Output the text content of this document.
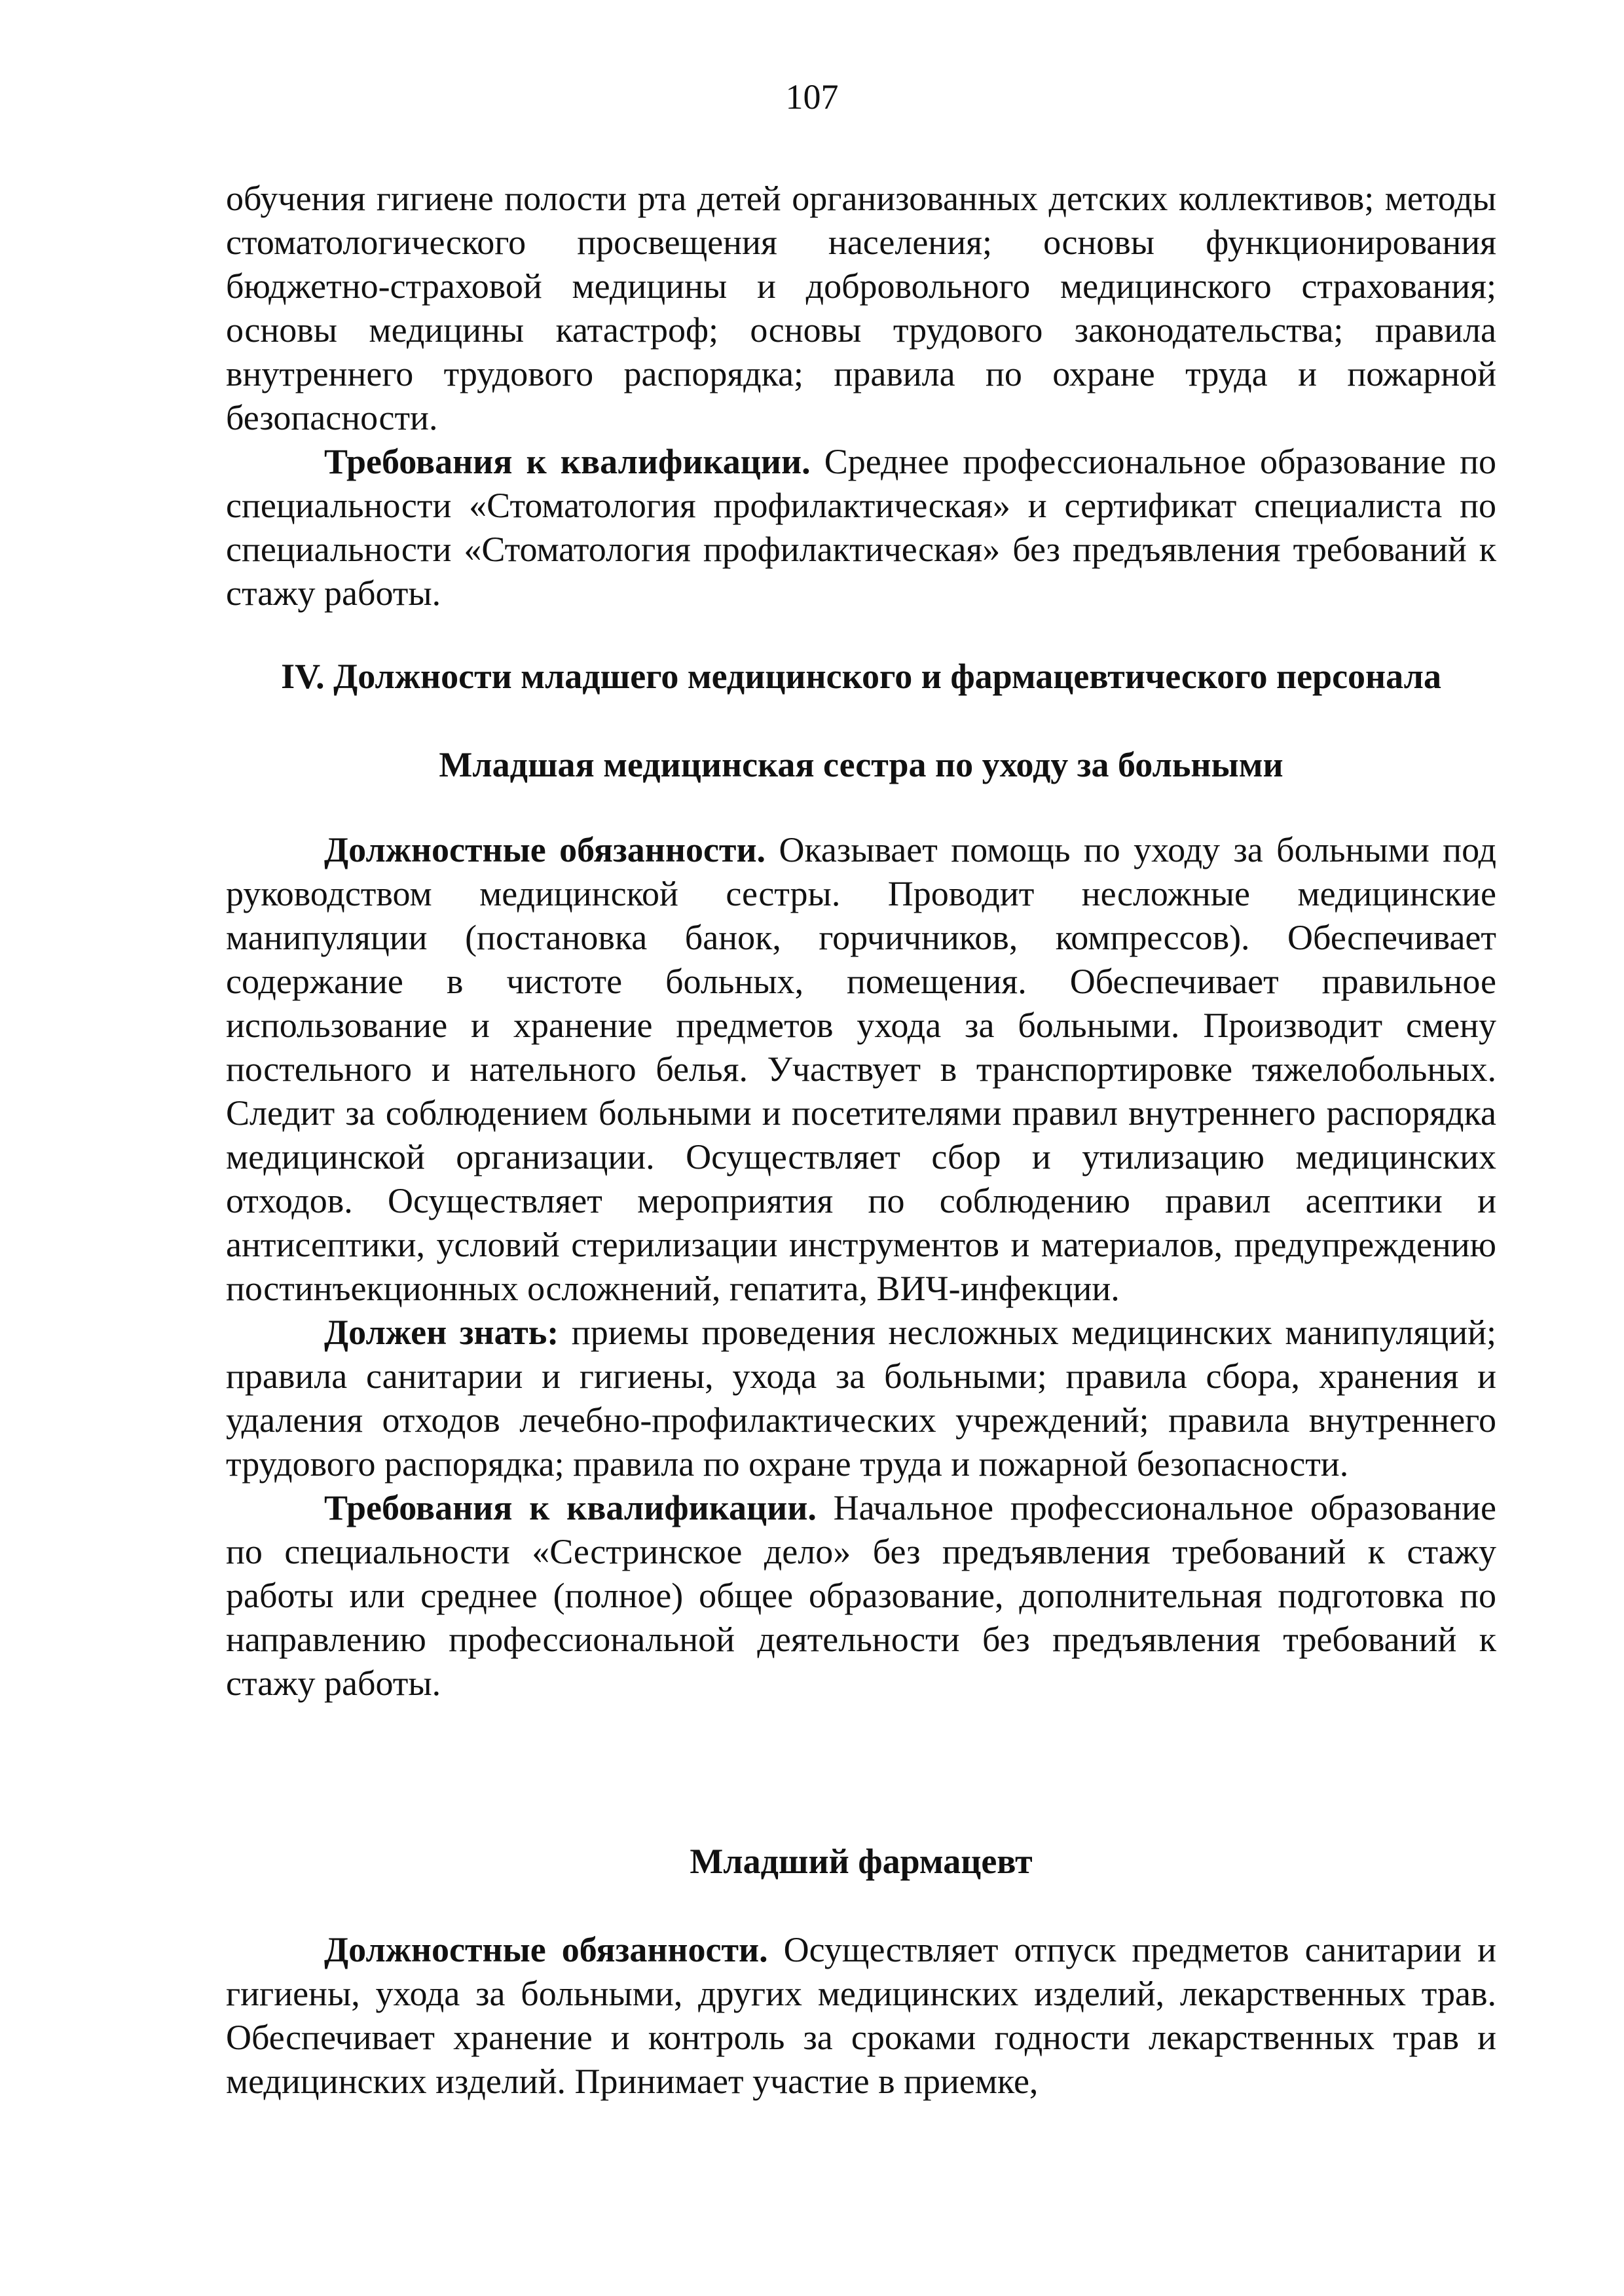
107

обучения гигиене полости рта детей организованных детских коллективов; методы стоматологического просвещения населения; основы функционирования бюджетно-страховой медицины и добровольного медицинского страхования; основы медицины катастроф; основы трудового законодательства; правила внутреннего трудового распорядка; правила по охране труда и пожарной безопасности.

Требования к квалификации. Среднее профессиональное образование по специальности «Стоматология профилактическая» и сертификат специалиста по специальности «Стоматология профилактическая» без предъявления требований к стажу работы.

IV. Должности младшего медицинского и фармацевтического персонала

Младшая медицинская сестра по уходу за больными

Должностные обязанности. Оказывает помощь по уходу за больными под руководством медицинской сестры. Проводит несложные медицинские манипуляции (постановка банок, горчичников, компрессов). Обеспечивает содержание в чистоте больных, помещения. Обеспечивает правильное использование и хранение предметов ухода за больными. Производит смену постельного и нательного белья. Участвует в транспортировке тяжелобольных. Следит за соблюдением больными и посетителями правил внутреннего распорядка медицинской организации. Осуществляет сбор и утилизацию медицинских отходов. Осуществляет мероприятия по соблюдению правил асептики и антисептики, условий стерилизации инструментов и материалов, предупреждению постинъекционных осложнений, гепатита, ВИЧ-инфекции.

Должен знать: приемы проведения несложных медицинских манипуляций; правила санитарии и гигиены, ухода за больными; правила сбора, хранения и удаления отходов лечебно-профилактических учреждений; правила внутреннего трудового распорядка; правила по охране труда и пожарной безопасности.

Требования к квалификации. Начальное профессиональное образование по специальности «Сестринское дело» без предъявления требований к стажу работы или среднее (полное) общее образование, дополнительная подготовка по направлению профессиональной деятельности без предъявления требований к стажу работы.

Младший фармацевт

Должностные обязанности. Осуществляет отпуск предметов санитарии и гигиены, ухода за больными, других медицинских изделий, лекарственных трав. Обеспечивает хранение и контроль за сроками годности лекарственных трав и медицинских изделий. Принимает участие в приемке,
